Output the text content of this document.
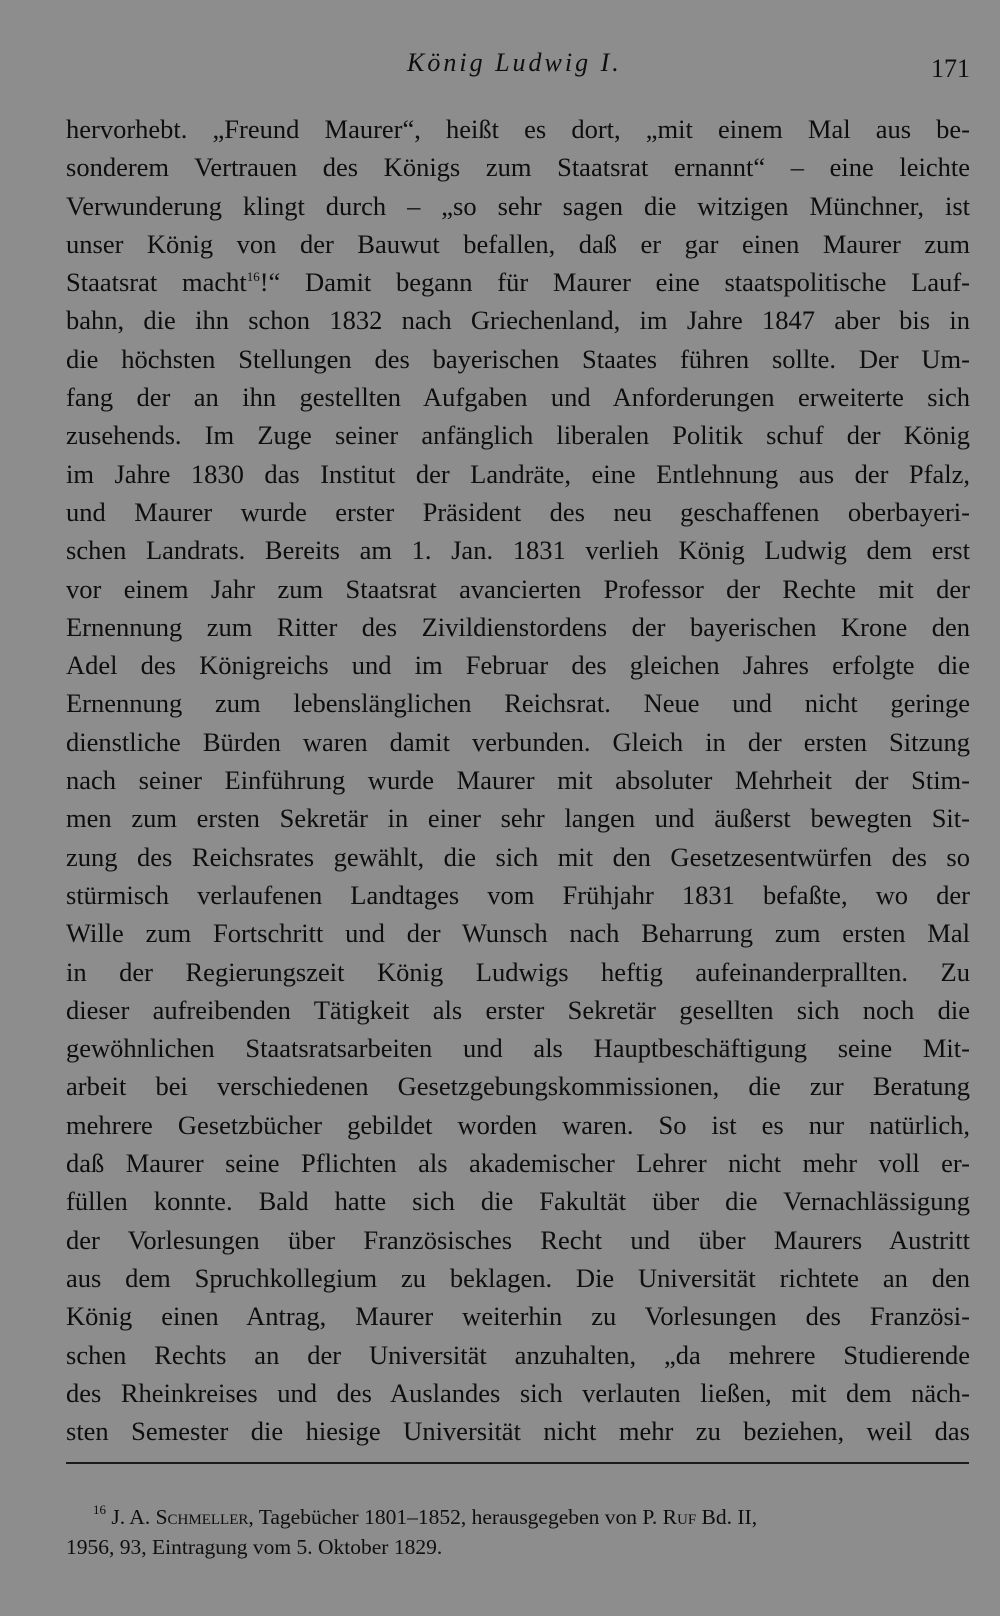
König Ludwig I.	171
hervorhebt. „Freund Maurer“, heißt es dort, „mit einem Mal aus be-
sonderem Vertrauen des Königs zum Staatsrat ernannt“ – eine leichte
Verwunderung klingt durch – „so sehr sagen die witzigen Münchner, ist
unser König von der Bauwut befallen, daß er gar einen Maurer zum
Staatsrat macht$^{16}$!“ Damit begann für Maurer eine staatspolitische Lauf-
bahn, die ihn schon 1832 nach Griechenland, im Jahre 1847 aber bis in
die höchsten Stellungen des bayerischen Staates führen sollte. Der Um-
fang der an ihn gestellten Aufgaben und Anforderungen erweiterte sich
zusehends. Im Zuge seiner anfänglich liberalen Politik schuf der König
im Jahre 1830 das Institut der Landräte, eine Entlehnung aus der Pfalz,
und Maurer wurde erster Präsident des neu geschaffenen oberbayeri-
schen Landrats. Bereits am 1. Jan. 1831 verlieh König Ludwig dem erst
vor einem Jahr zum Staatsrat avancierten Professor der Rechte mit der
Ernennung zum Ritter des Zivildienstordens der bayerischen Krone den
Adel des Königreichs und im Februar des gleichen Jahres erfolgte die
Ernennung zum lebenslänglichen Reichsrat. Neue und nicht geringe
dienstliche Bürden waren damit verbunden. Gleich in der ersten Sitzung
nach seiner Einführung wurde Maurer mit absoluter Mehrheit der Stim-
men zum ersten Sekretär in einer sehr langen und äußerst bewegten Sit-
zung des Reichsrates gewählt, die sich mit den Gesetzesentwürfen des so
stürmisch verlaufenen Landtages vom Frühjahr 1831 befaßte, wo der
Wille zum Fortschritt und der Wunsch nach Beharrung zum ersten Mal
in der Regierungszeit König Ludwigs heftig aufeinanderprallten. Zu
dieser aufreibenden Tätigkeit als erster Sekretär gesellten sich noch die
gewöhnlichen Staatsratsarbeiten und als Hauptbeschäftigung seine Mit-
arbeit bei verschiedenen Gesetzgebungskommissionen, die zur Beratung
mehrere Gesetzbücher gebildet worden waren. So ist es nur natürlich,
daß Maurer seine Pflichten als akademischer Lehrer nicht mehr voll er-
füllen konnte. Bald hatte sich die Fakultät über die Vernachlässigung
der Vorlesungen über Französisches Recht und über Maurers Austritt
aus dem Spruchkollegium zu beklagen. Die Universität richtete an den
König einen Antrag, Maurer weiterhin zu Vorlesungen des Französi-
schen Rechts an der Universität anzuhalten, „da mehrere Studierende
des Rheinkreises und des Auslandes sich verlauten ließen, mit dem näch-
sten Semester die hiesige Universität nicht mehr zu beziehen, weil das
$^{16}$ J. A. Schmeller, Tagebücher 1801–1852, herausgegeben von P. Ruf Bd. II,
1956, 93, Eintragung vom 5. Oktober 1829.
